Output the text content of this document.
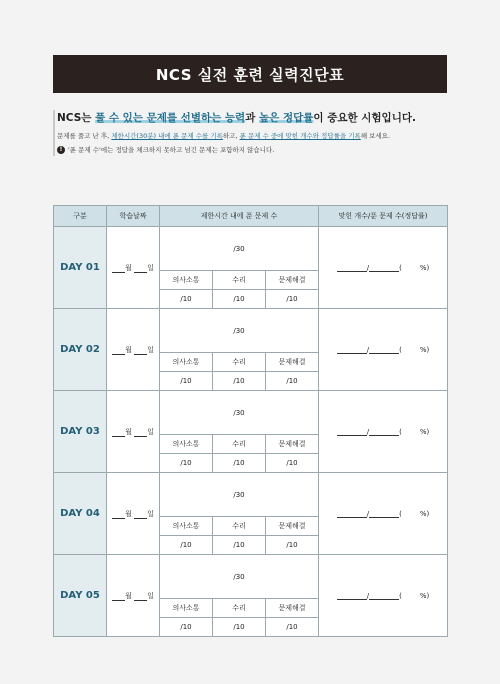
NCS 실전 훈련 실력진단표
NCS는 풀 수 있는 문제를 선별하는 능력과 높은 정답률이 중요한 시험입니다.
문제를 풀고 난 후, 제한시간(30분) 내에 푼 문제 수를 기록하고, 푼 문제 수 중에 맞힌 개수와 정답률을 기록해 보세요.
! '푼 문제 수'에는 정답을 체크하지 못하고 넘긴 문제는 포함하지 않습니다.
구분	학습날짜	제한시간 내에 푼 문제 수			맞힌 개수/푼 문제 수(정답률)
DAY 01	월 일	/30			/ ( %)
		의사소통	수리	문제해결	
		/10	/10	/10	
DAY 02	월 일	/30			/ ( %)
		의사소통	수리	문제해결	
		/10	/10	/10	
DAY 03	월 일	/30			/ ( %)
		의사소통	수리	문제해결	
		/10	/10	/10	
DAY 04	월 일	/30			/ ( %)
		의사소통	수리	문제해결	
		/10	/10	/10	
DAY 05	월 일	/30			/ ( %)
		의사소통	수리	문제해결	
		/10	/10	/10	
